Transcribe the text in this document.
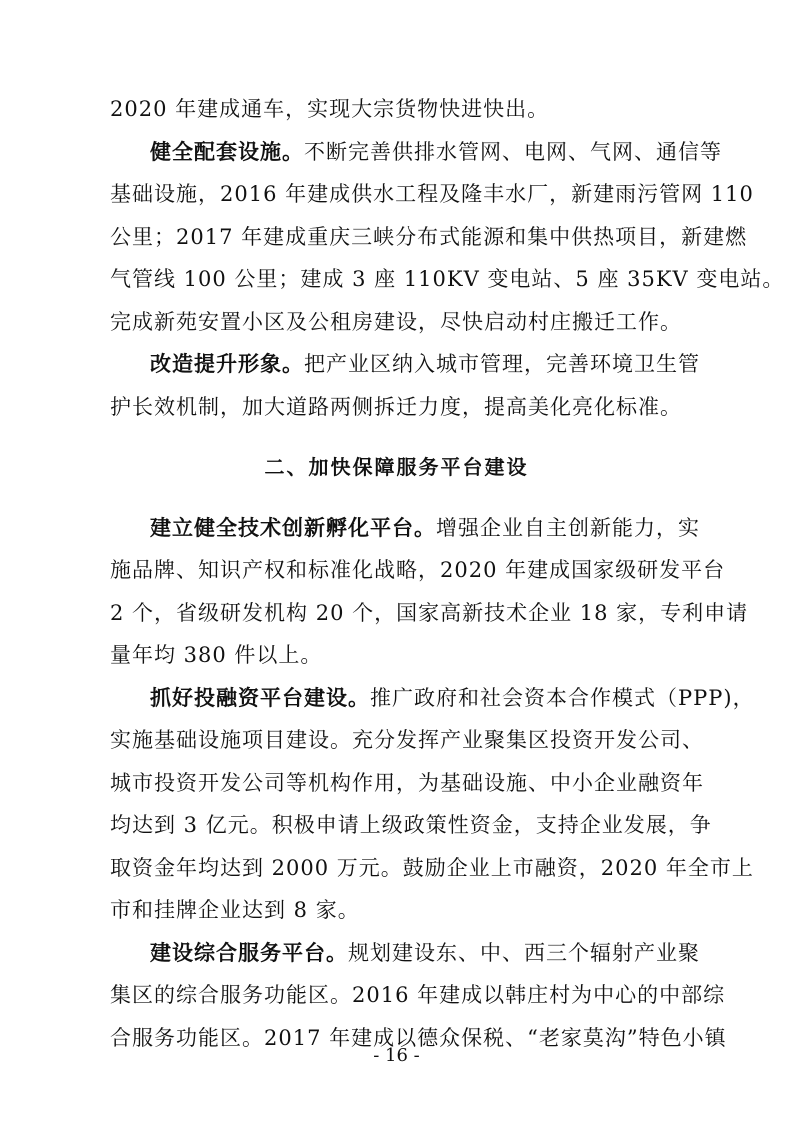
2020 年建成通车，实现大宗货物快进快出。
健全配套设施。不断完善供排水管网、电网、气网、通信等
基础设施，2016 年建成供水工程及隆丰水厂，新建雨污管网 110
公里；2017 年建成重庆三峡分布式能源和集中供热项目，新建燃
气管线 100 公里；建成 3 座 110KV 变电站、5 座 35KV 变电站。
完成新苑安置小区及公租房建设，尽快启动村庄搬迁工作。
改造提升形象。把产业区纳入城市管理，完善环境卫生管
护长效机制，加大道路两侧拆迁力度，提高美化亮化标准。
二、加快保障服务平台建设
建立健全技术创新孵化平台。增强企业自主创新能力，实
施品牌、知识产权和标准化战略，2020 年建成国家级研发平台
2 个，省级研发机构 20 个，国家高新技术企业 18 家，专利申请
量年均 380 件以上。
抓好投融资平台建设。推广政府和社会资本合作模式（PPP)，
实施基础设施项目建设。充分发挥产业聚集区投资开发公司、
城市投资开发公司等机构作用，为基础设施、中小企业融资年
均达到 3 亿元。积极申请上级政策性资金，支持企业发展，争
取资金年均达到 2000 万元。鼓励企业上市融资，2020 年全市上
市和挂牌企业达到 8 家。
建设综合服务平台。规划建设东、中、西三个辐射产业聚
集区的综合服务功能区。2016 年建成以韩庄村为中心的中部综
- 16 -
合服务功能区。2017 年建成以德众保税、“老家莫沟”特色小镇
